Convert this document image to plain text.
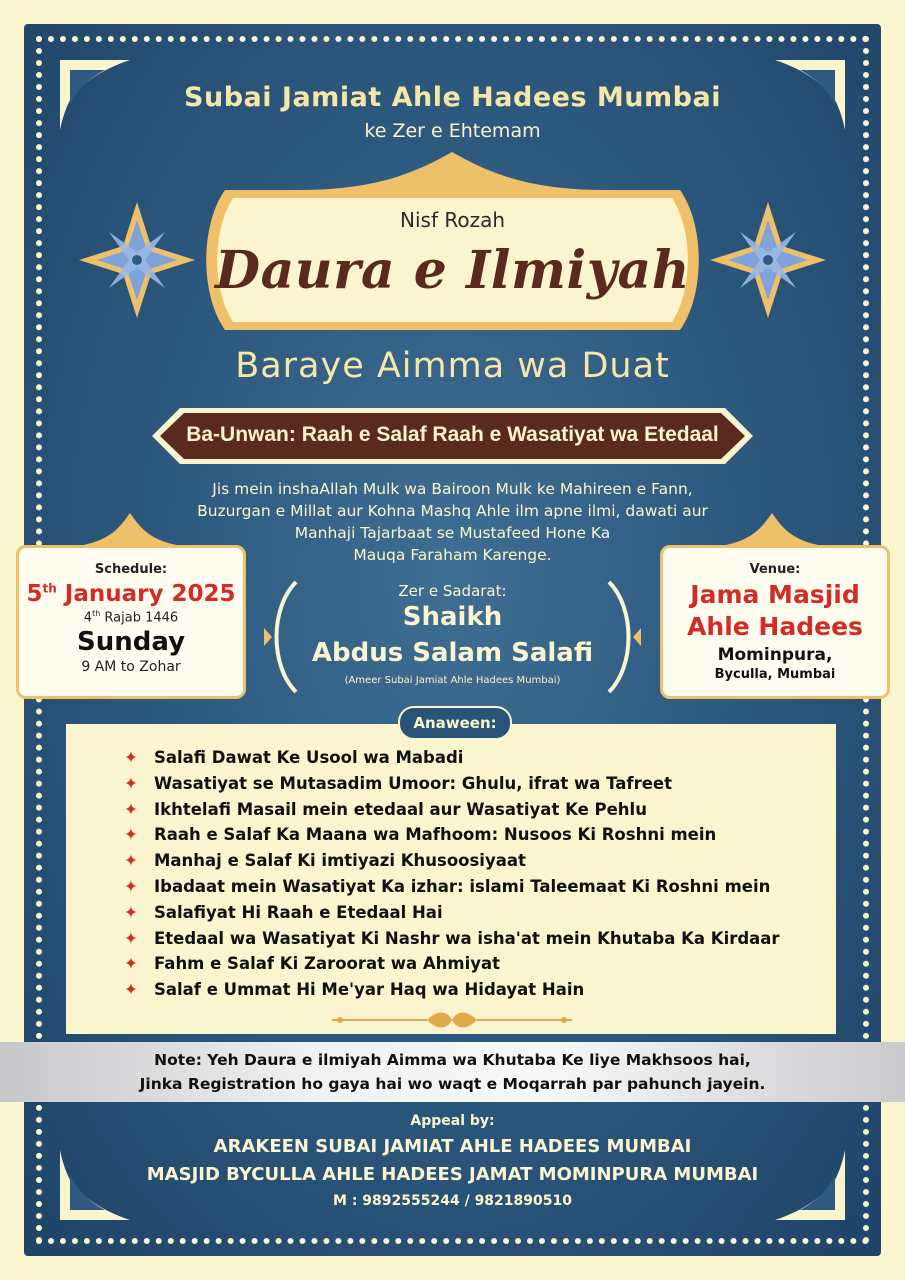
Subai Jamiat Ahle Hadees Mumbai
ke Zer e Ehtemam
Nisf Rozah
Daura e Ilmiyah
Baraye Aimma wa Duat
Ba-Unwan: Raah e Salaf Raah e Wasatiyat wa Etedaal
Jis mein inshaAllah Mulk wa Bairoon Mulk ke Mahireen e Fann,
Buzurgan e Millat aur Kohna Mashq Ahle ilm apne ilmi, dawati aur
Manhaji Tajarbaat se Mustafeed Hone Ka
Mauqa Faraham Karenge.
Schedule:
5th January 2025
4th Rajab 1446
Sunday
9 AM to Zohar
Zer e Sadarat:
Shaikh
Abdus Salam Salafi
(Ameer Subai Jamiat Ahle Hadees Mumbai)
Venue:
Jama Masjid
Ahle Hadees
Mominpura,
Byculla, Mumbai
Anaween:
✦ Salafi Dawat Ke Usool wa Mabadi
✦ Wasatiyat se Mutasadim Umoor: Ghulu, ifrat wa Tafreet
✦ Ikhtelafi Masail mein etedaal aur Wasatiyat Ke Pehlu
✦ Raah e Salaf Ka Maana wa Mafhoom: Nusoos Ki Roshni mein
✦ Manhaj e Salaf Ki imtiyazi Khusoosiyaat
✦ Ibadaat mein Wasatiyat Ka izhar: islami Taleemaat Ki Roshni mein
✦ Salafiyat Hi Raah e Etedaal Hai
✦ Etedaal wa Wasatiyat Ki Nashr wa isha'at mein Khutaba Ka Kirdaar
✦ Fahm e Salaf Ki Zaroorat wa Ahmiyat
✦ Salaf e Ummat Hi Me'yar Haq wa Hidayat Hain
Note: Yeh Daura e ilmiyah Aimma wa Khutaba Ke liye Makhsoos hai,
Jinka Registration ho gaya hai wo waqt e Moqarrah par pahunch jayein.
Appeal by:
ARAKEEN SUBAI JAMIAT AHLE HADEES MUMBAI
MASJID BYCULLA AHLE HADEES JAMAT MOMINPURA MUMBAI
M : 9892555244 / 9821890510
